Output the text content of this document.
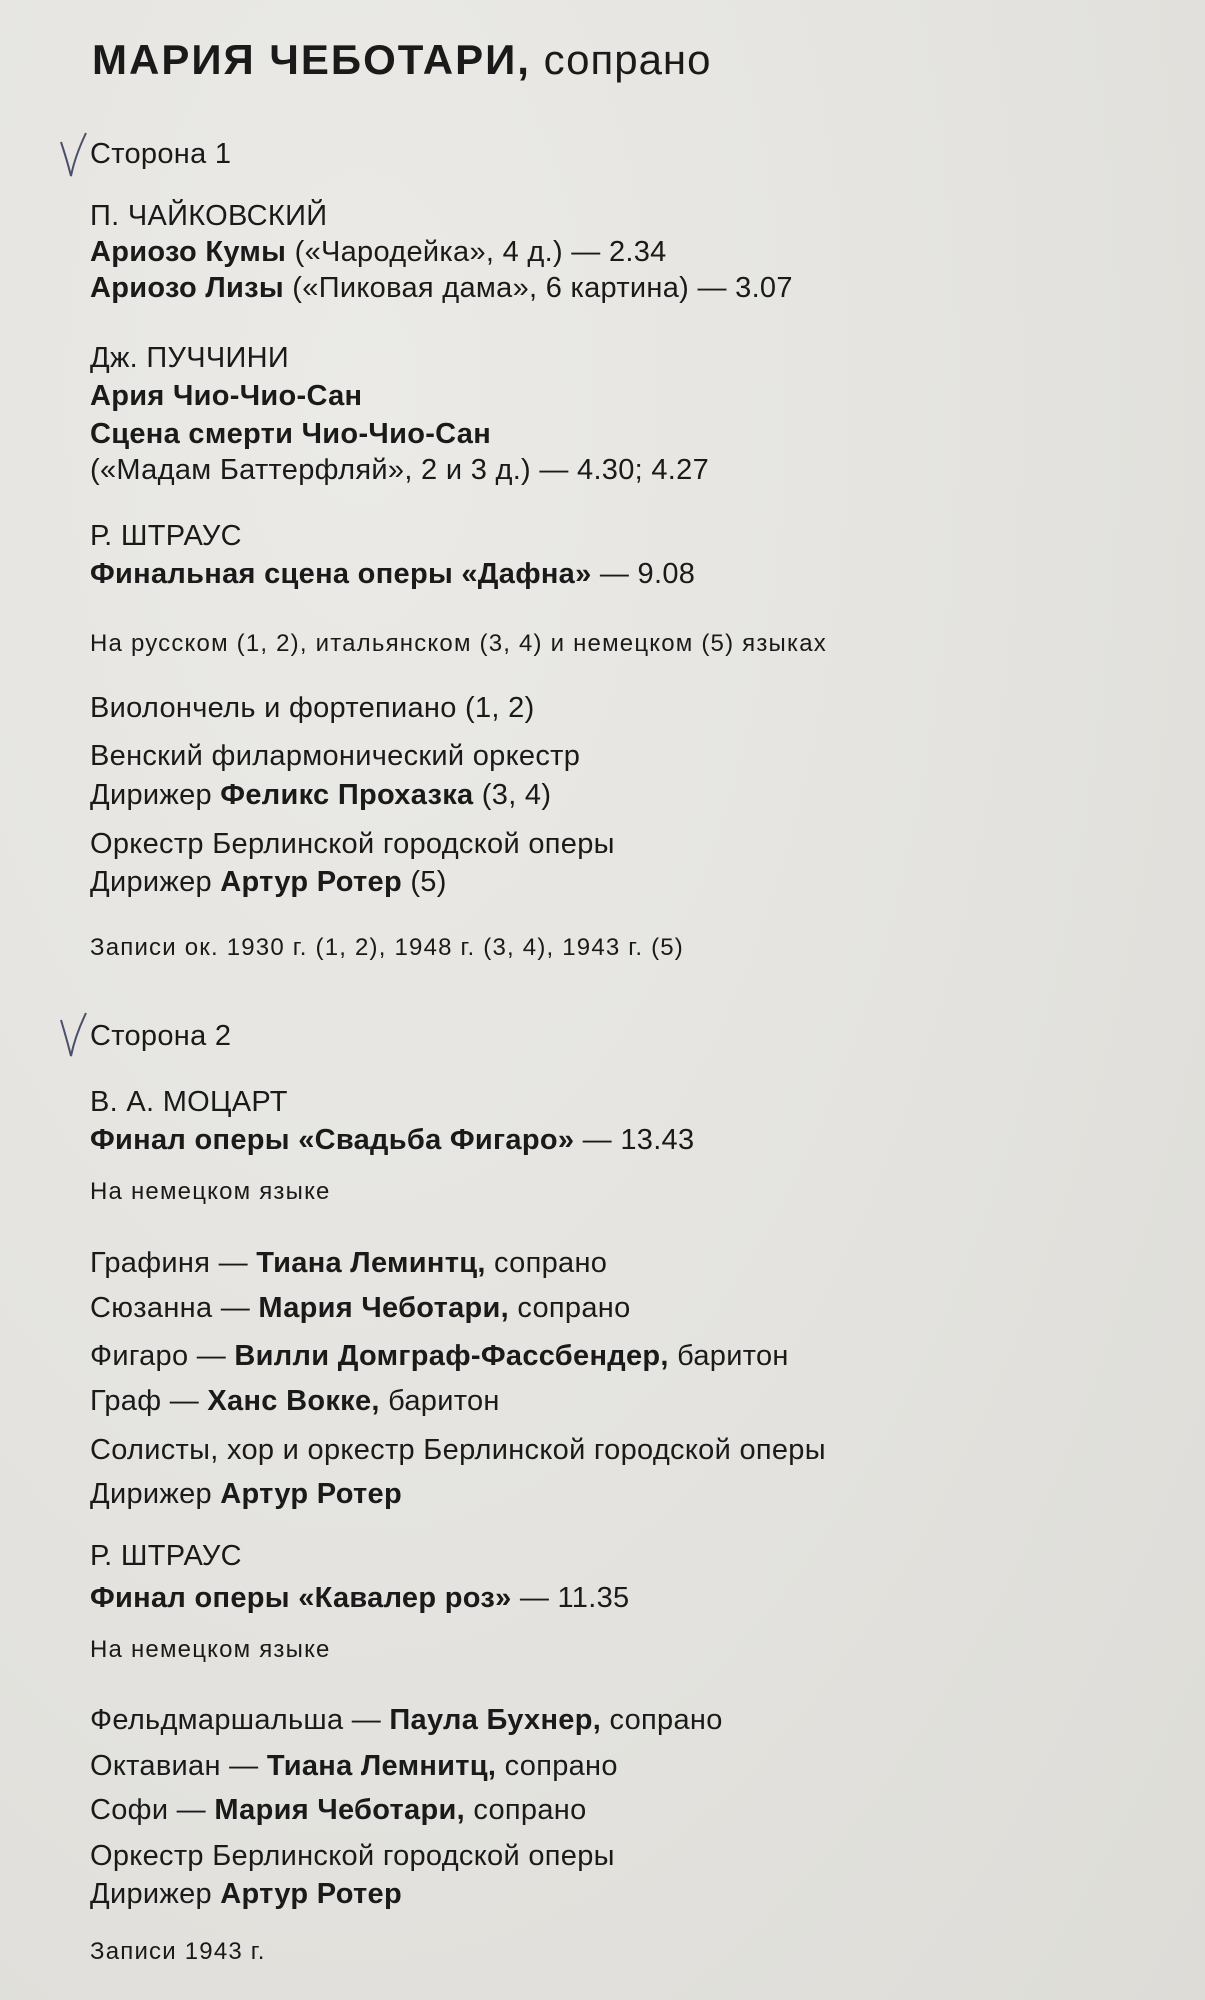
МАРИЯ ЧЕБОТАРИ, сопрано
Сторона 1
П. ЧАЙКОВСКИЙ
Ариозо Кумы («Чародейка», 4 д.) — 2.34
Ариозо Лизы («Пиковая дама», 6 картина) — 3.07
Дж. ПУЧЧИНИ
Ария Чио-Чио-Сан
Сцена смерти Чио-Чио-Сан
(«Мадам Баттерфляй», 2 и 3 д.) — 4.30; 4.27
Р. ШТРАУС
Финальная сцена оперы «Дафна» — 9.08
На русском (1, 2), итальянском (3, 4) и немецком (5) языках
Виолончель и фортепиано (1, 2)
Венский филармонический оркестр
Дирижер Феликс Прохазка (3, 4)
Оркестр Берлинской городской оперы
Дирижер Артур Ротер (5)
Записи ок. 1930 г. (1, 2), 1948 г. (3, 4), 1943 г. (5)
Сторона 2
В. А. МОЦАРТ
Финал оперы «Свадьба Фигаро» — 13.43
На немецком языке
Графиня — Тиана Леминтц, сопрано
Сюзанна — Мария Чеботари, сопрано
Фигаро — Вилли Домграф-Фассбендер, баритон
Граф — Ханс Вокке, баритон
Солисты, хор и оркестр Берлинской городской оперы
Дирижер Артур Ротер
Р. ШТРАУС
Финал оперы «Кавалер роз» — 11.35
На немецком языке
Фельдмаршальша — Паула Бухнер, сопрано
Октавиан — Тиана Лемнитц, сопрано
Софи — Мария Чеботари, сопрано
Оркестр Берлинской городской оперы
Дирижер Артур Ротер
Записи 1943 г.
